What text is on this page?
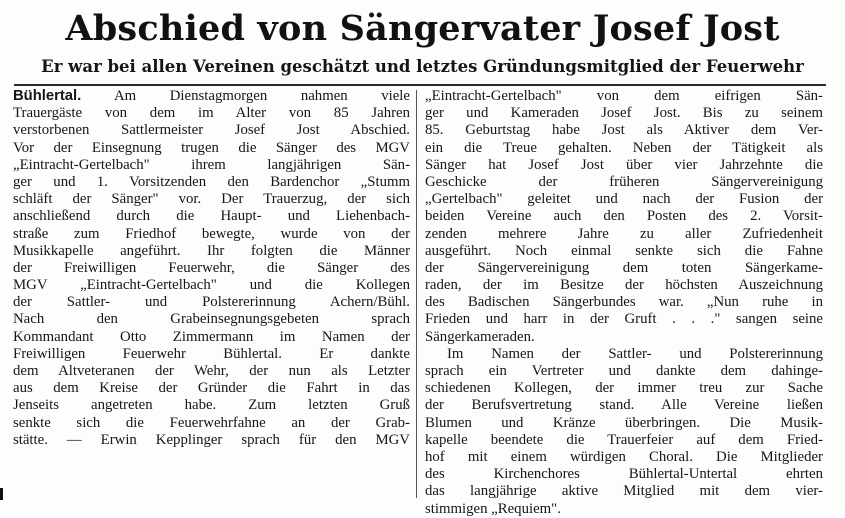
Abschied von Sängervater Josef Jost
Er war bei allen Vereinen geschätzt und letztes Gründungsmitglied der Feuerwehr
Bühlertal. Am Dienstagmorgen nahmen viele
Trauergäste von dem im Alter von 85 Jahren
verstorbenen Sattlermeister Josef Jost Abschied.
Vor der Einsegnung trugen die Sänger des MGV
„Eintracht-Gertelbach" ihrem langjährigen Sän-
ger und 1. Vorsitzenden den Bardenchor „Stumm
schläft der Sänger" vor. Der Trauerzug, der sich
anschließend durch die Haupt- und Liehenbach-
straße zum Friedhof bewegte, wurde von der
Musikkapelle angeführt. Ihr folgten die Männer
der Freiwilligen Feuerwehr, die Sänger des
MGV „Eintracht-Gertelbach" und die Kollegen
der Sattler- und Polstererinnung Achern/Bühl.
Nach den Grabeinsegnungsgebeten sprach
Kommandant Otto Zimmermann im Namen der
Freiwilligen Feuerwehr Bühlertal. Er dankte
dem Altveteranen der Wehr, der nun als Letzter
aus dem Kreise der Gründer die Fahrt in das
Jenseits angetreten habe. Zum letzten Gruß
senkte sich die Feuerwehrfahne an der Grab-
stätte. — Erwin Kepplinger sprach für den MGV
„Eintracht-Gertelbach" von dem eifrigen Sän-
ger und Kameraden Josef Jost. Bis zu seinem
85. Geburtstag habe Jost als Aktiver dem Ver-
ein die Treue gehalten. Neben der Tätigkeit als
Sänger hat Josef Jost über vier Jahrzehnte die
Geschicke der früheren Sängervereinigung
„Gertelbach" geleitet und nach der Fusion der
beiden Vereine auch den Posten des 2. Vorsit-
zenden mehrere Jahre zu aller Zufriedenheit
ausgeführt. Noch einmal senkte sich die Fahne
der Sängervereinigung dem toten Sängerkame-
raden, der im Besitze der höchsten Auszeichnung
des Badischen Sängerbundes war. „Nun ruhe in
Frieden und harr in der Gruft . . ." sangen seine
Sängerkameraden.
Im Namen der Sattler- und Polstererinnung
sprach ein Vertreter und dankte dem dahinge-
schiedenen Kollegen, der immer treu zur Sache
der Berufsvertretung stand. Alle Vereine ließen
Blumen und Kränze überbringen. Die Musik-
kapelle beendete die Trauerfeier auf dem Fried-
hof mit einem würdigen Choral. Die Mitglieder
des Kirchenchores Bühlertal-Untertal ehrten
das langjährige aktive Mitglied mit dem vier-
stimmigen „Requiem".
